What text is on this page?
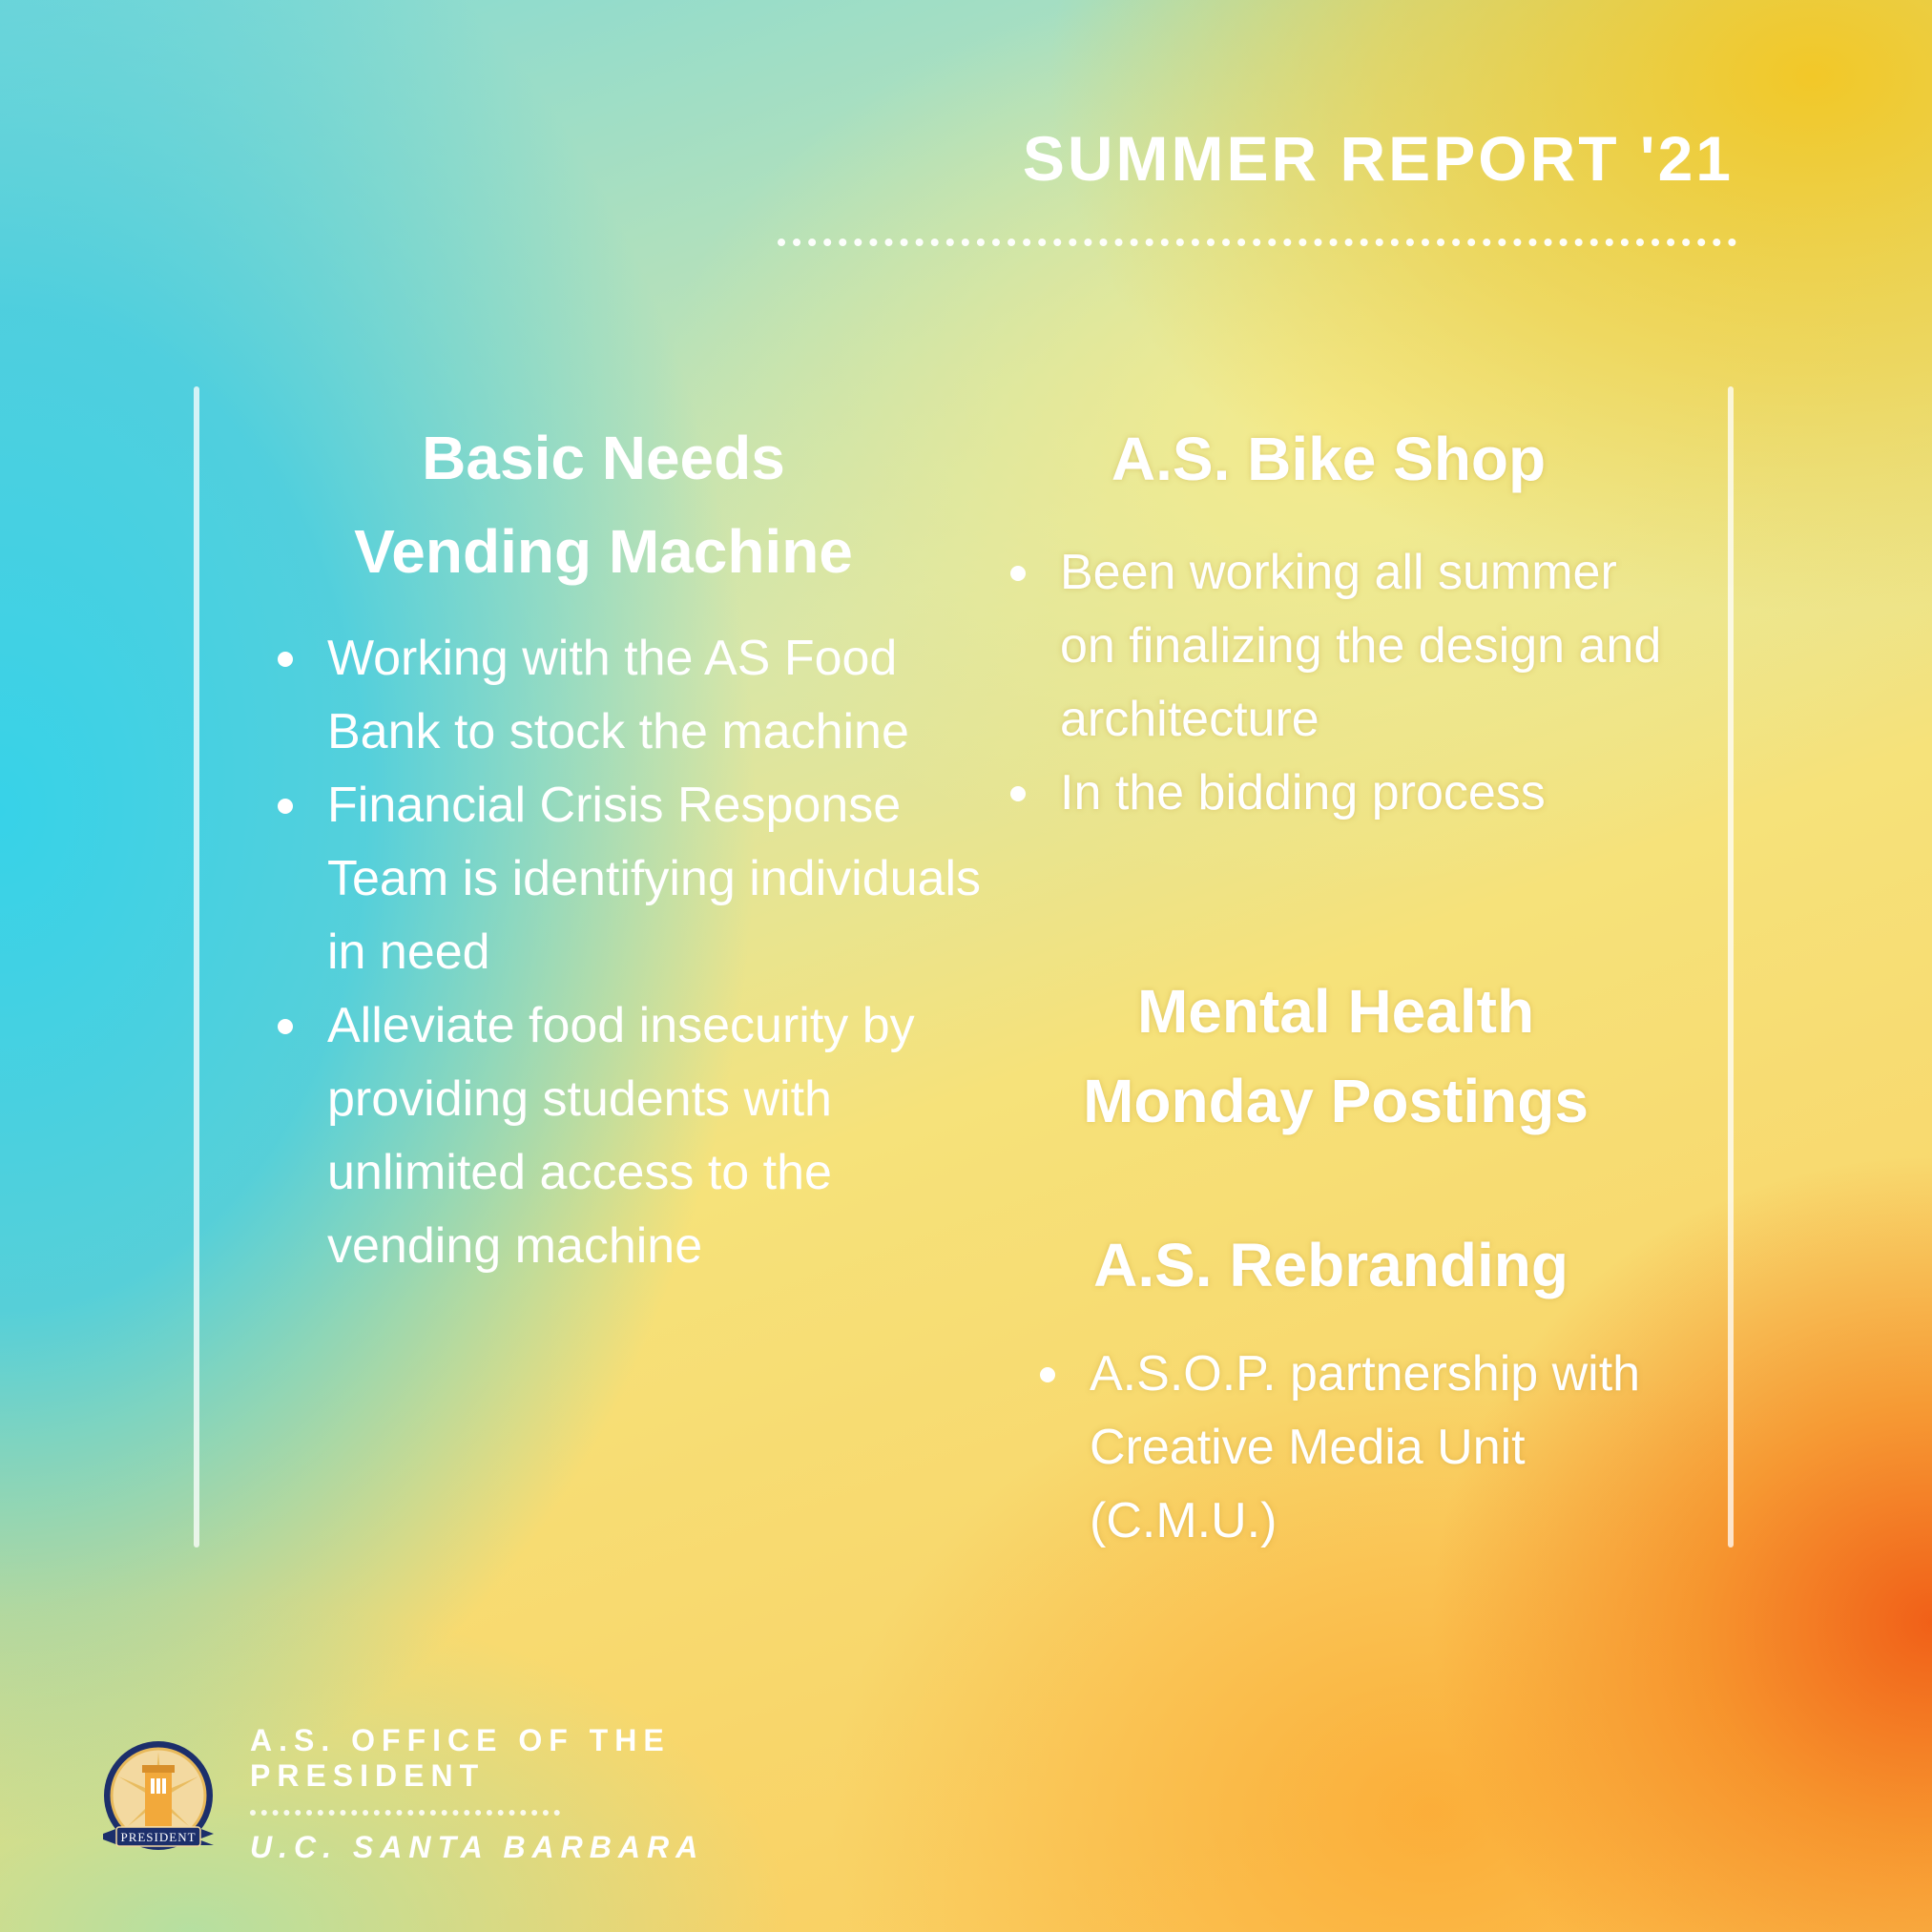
SUMMER REPORT '21
Basic Needs
Vending Machine
Working with the AS Food Bank to stock the machine
Financial Crisis Response Team is identifying individuals in need
Alleviate food insecurity by providing students with unlimited access to the vending machine
A.S. Bike Shop
Been working all summer on finalizing the design and architecture
In the bidding process
Mental Health
Monday Postings
A.S. Rebranding
A.S.O.P. partnership with Creative Media Unit (C.M.U.)
PRESIDENT
A.S. OFFICE OF THE
PRESIDENT
U.C. SANTA BARBARA
